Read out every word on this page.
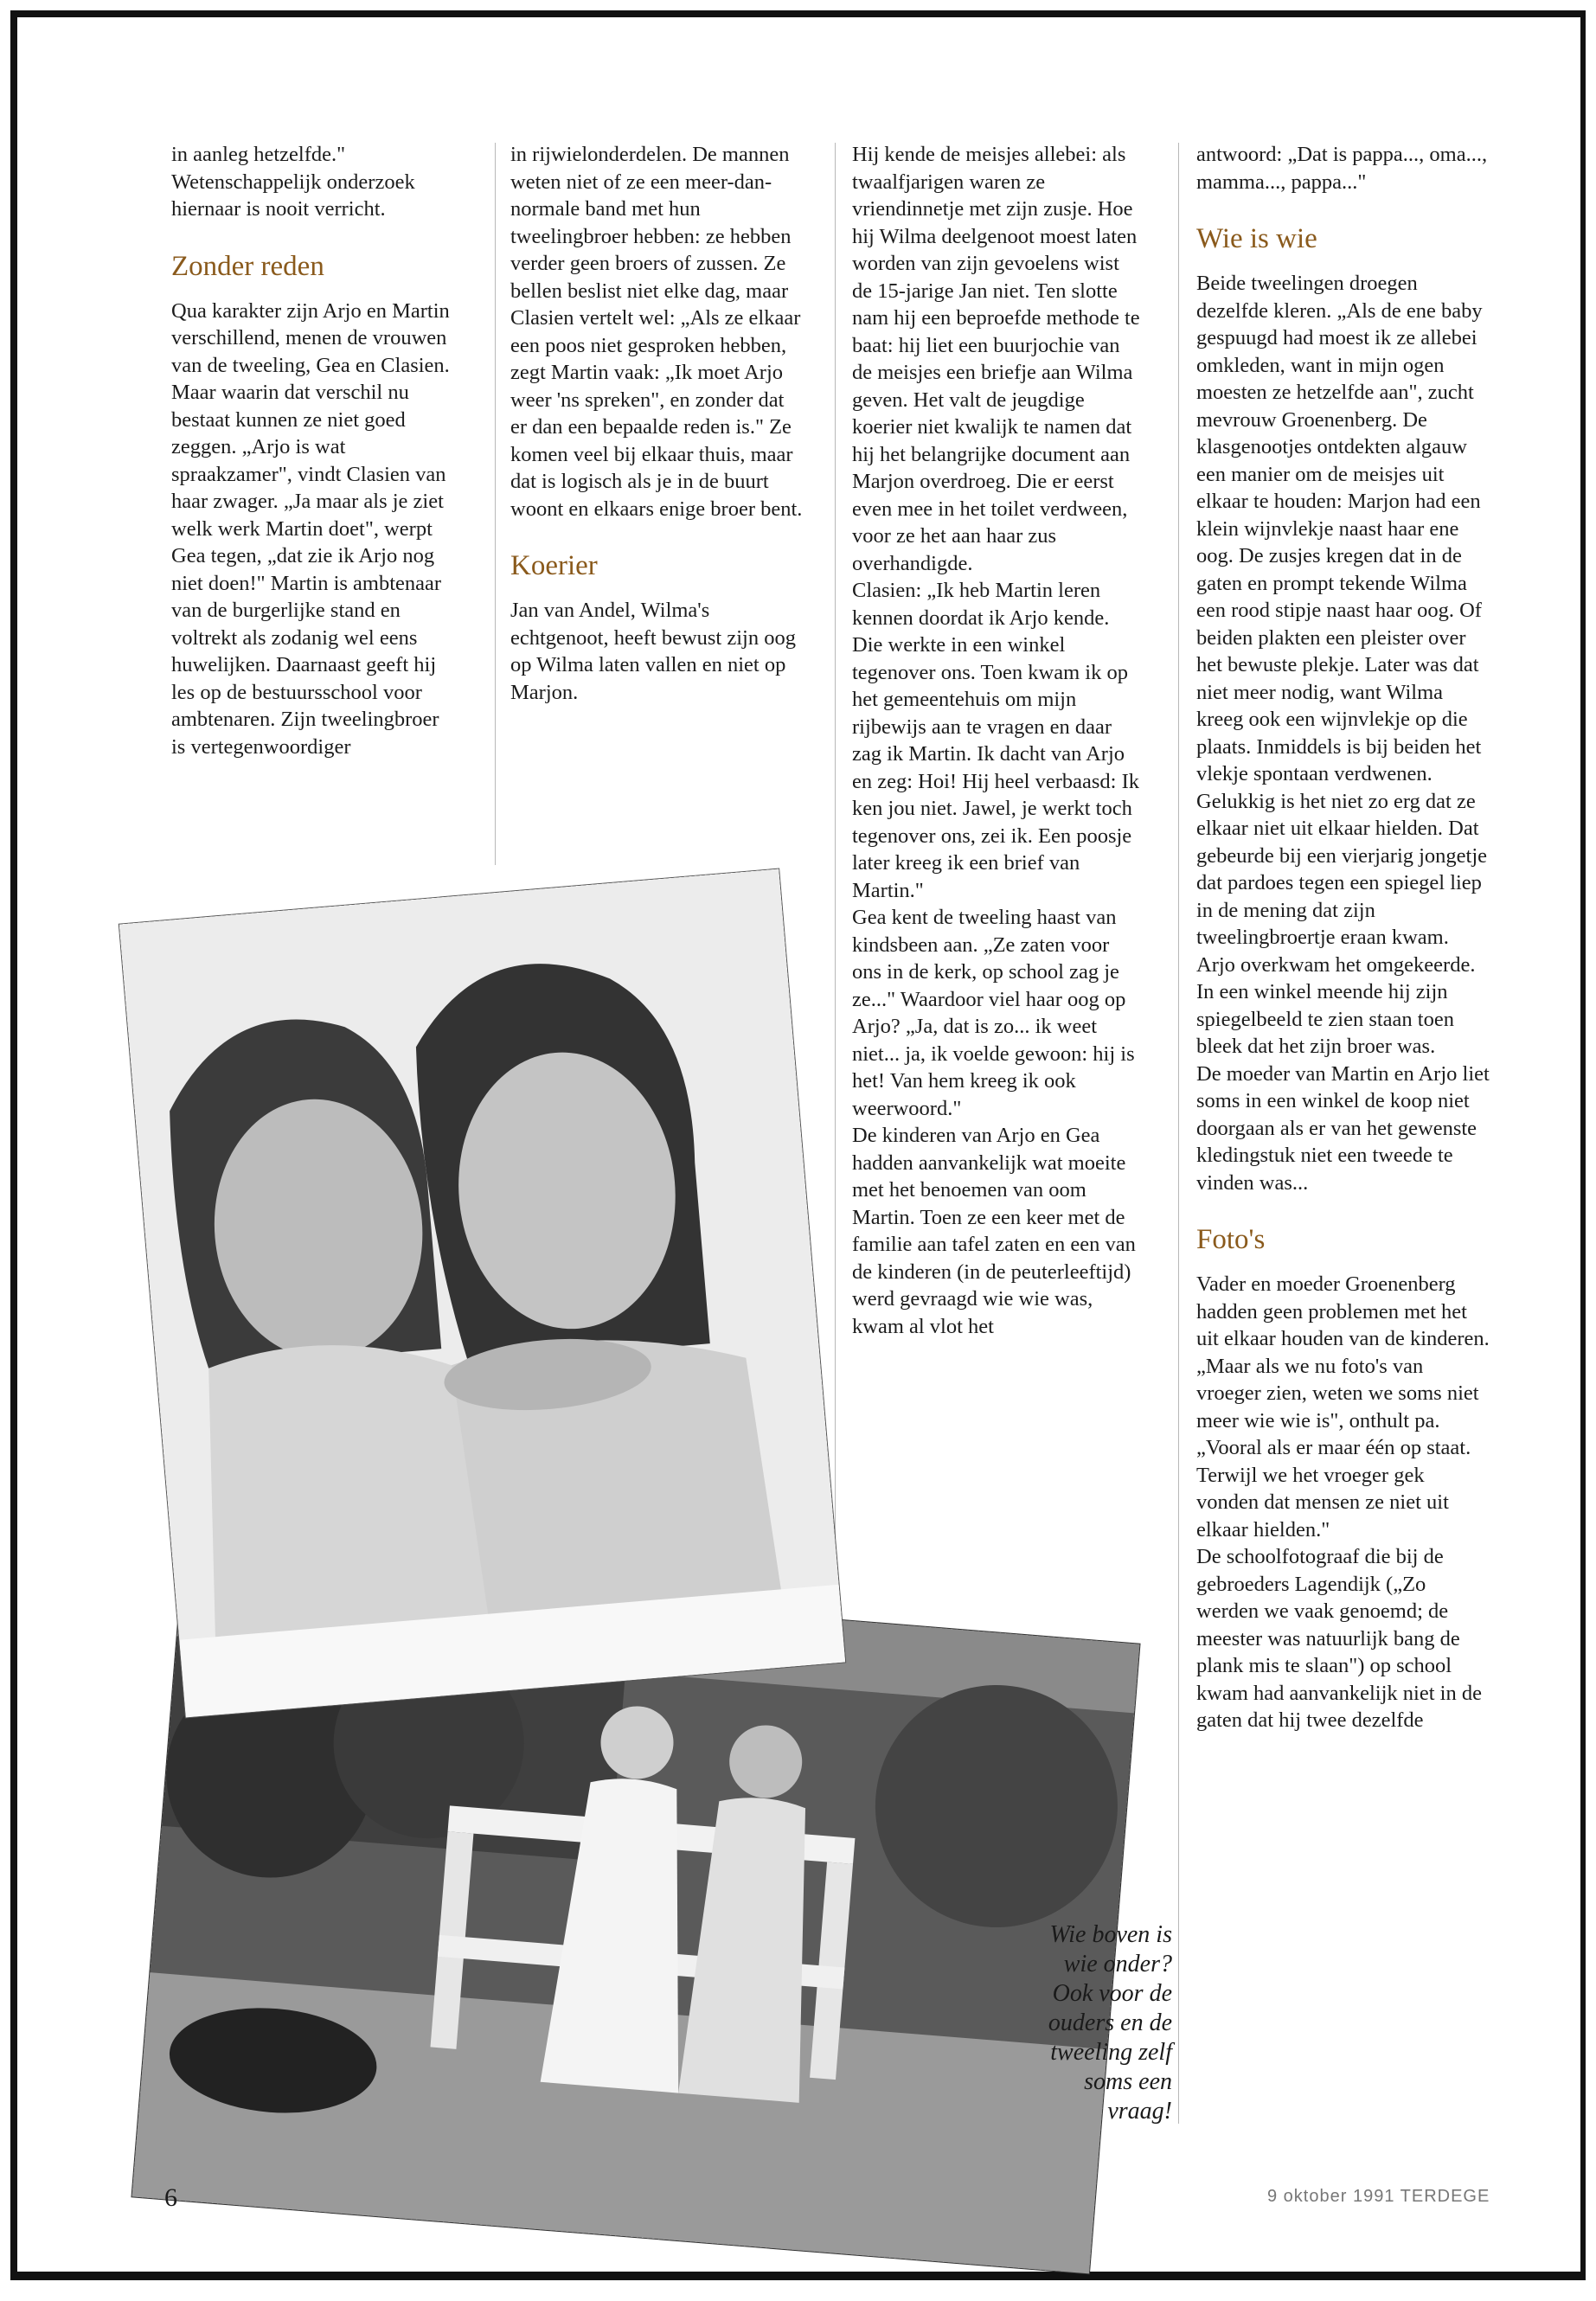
in aanleg hetzelfde." Wetenschappelijk onderzoek hiernaar is nooit verricht.

Zonder reden

Qua karakter zijn Arjo en Martin verschillend, menen de vrouwen van de tweeling, Gea en Clasien. Maar waarin dat verschil nu bestaat kunnen ze niet goed zeggen. „Arjo is wat spraakzamer", vindt Clasien van haar zwager. „Ja maar als je ziet welk werk Martin doet", werpt Gea tegen, „dat zie ik Arjo nog niet doen!" Martin is ambtenaar van de burgerlijke stand en voltrekt als zodanig wel eens huwelijken. Daarnaast geeft hij les op de bestuursschool voor ambtenaren. Zijn tweelingbroer is vertegenwoordiger

in rijwielonderdelen. De mannen weten niet of ze een meer-dan-normale band met hun tweelingbroer hebben: ze hebben verder geen broers of zussen. Ze bellen beslist niet elke dag, maar Clasien vertelt wel: „Als ze elkaar een poos niet gesproken hebben, zegt Martin vaak: „Ik moet Arjo weer 'ns spreken", en zonder dat er dan een bepaalde reden is." Ze komen veel bij elkaar thuis, maar dat is logisch als je in de buurt woont en elkaars enige broer bent.

Koerier

Jan van Andel, Wilma's echtgenoot, heeft bewust zijn oog op Wilma laten vallen en niet op Marjon.

Hij kende de meisjes allebei: als twaalfjarigen waren ze vriendinnetje met zijn zusje. Hoe hij Wilma deelgenoot moest laten worden van zijn gevoelens wist de 15-jarige Jan niet. Ten slotte nam hij een beproefde methode te baat: hij liet een buurjochie van de meisjes een briefje aan Wilma geven. Het valt de jeugdige koerier niet kwalijk te namen dat hij het belangrijke document aan Marjon overdroeg. Die er eerst even mee in het toilet verdween, voor ze het aan haar zus overhandigde.

Clasien: „Ik heb Martin leren kennen doordat ik Arjo kende. Die werkte in een winkel tegenover ons. Toen kwam ik op het gemeentehuis om mijn rijbewijs aan te vragen en daar zag ik Martin. Ik dacht van Arjo en zeg: Hoi! Hij heel verbaasd: Ik ken jou niet. Jawel, je werkt toch tegenover ons, zei ik. Een poosje later kreeg ik een brief van Martin."

Gea kent de tweeling haast van kindsbeen aan. „Ze zaten voor ons in de kerk, op school zag je ze..." Waardoor viel haar oog op Arjo? „Ja, dat is zo... ik weet niet... ja, ik voelde gewoon: hij is het! Van hem kreeg ik ook weerwoord."

De kinderen van Arjo en Gea hadden aanvankelijk wat moeite met het benoemen van oom Martin. Toen ze een keer met de familie aan tafel zaten en een van de kinderen (in de peuterleeftijd) werd gevraagd wie wie was, kwam al vlot het

antwoord: „Dat is pappa..., oma..., mamma..., pappa..."

Wie is wie

Beide tweelingen droegen dezelfde kleren. „Als de ene baby gespuugd had moest ik ze allebei omkleden, want in mijn ogen moesten ze hetzelfde aan", zucht mevrouw Groenenberg. De klasgenootjes ontdekten algauw een manier om de meisjes uit elkaar te houden: Marjon had een klein wijnvlekje naast haar ene oog. De zusjes kregen dat in de gaten en prompt tekende Wilma een rood stipje naast haar oog. Of beiden plakten een pleister over het bewuste plekje. Later was dat niet meer nodig, want Wilma kreeg ook een wijnvlekje op die plaats. Inmiddels is bij beiden het vlekje spontaan verdwenen.

Gelukkig is het niet zo erg dat ze elkaar niet uit elkaar hielden. Dat gebeurde bij een vierjarig jongetje dat pardoes tegen een spiegel liep in de mening dat zijn tweelingbroertje eraan kwam. Arjo overkwam het omgekeerde. In een winkel meende hij zijn spiegelbeeld te zien staan toen bleek dat het zijn broer was.

De moeder van Martin en Arjo liet soms in een winkel de koop niet doorgaan als er van het gewenste kledingstuk niet een tweede te vinden was...

Foto's

Vader en moeder Groenenberg hadden geen problemen met het uit elkaar houden van de kinderen. „Maar als we nu foto's van vroeger zien, weten we soms niet meer wie wie is", onthult pa. „Vooral als er maar één op staat. Terwijl we het vroeger gek vonden dat mensen ze niet uit elkaar hielden."

De schoolfotograaf die bij de gebroeders Lagendijk („Zo werden we vaak genoemd; de meester was natuurlijk bang de plank mis te slaan") op school kwam had aanvankelijk niet in de gaten dat hij twee dezelfde

Wie boven is wie onder? Ook voor de ouders en de tweeling zelf soms een vraag!

6	9 oktober 1991 TERDEGE
